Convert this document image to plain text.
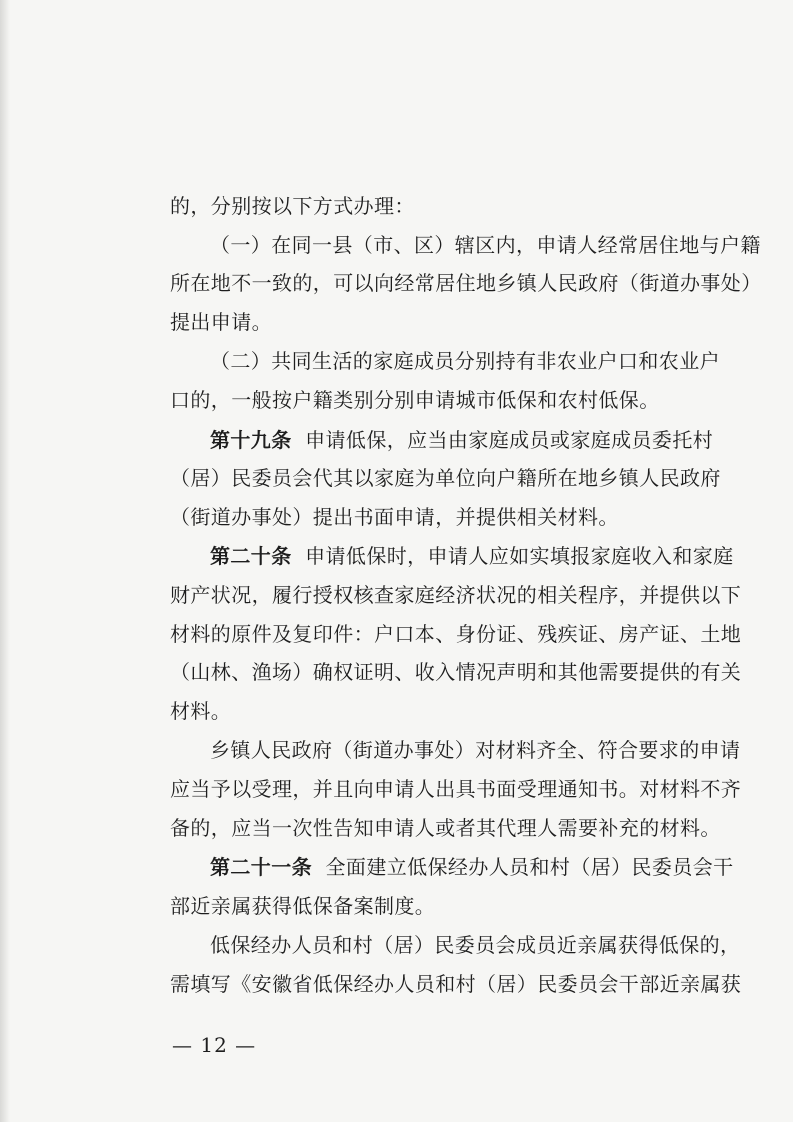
的，分别按以下方式办理：
（一）在同一县（市、区）辖区内，申请人经常居住地与户籍
所在地不一致的，可以向经常居住地乡镇人民政府（街道办事处）
提出申请。
（二）共同生活的家庭成员分别持有非农业户口和农业户
口的，一般按户籍类别分别申请城市低保和农村低保。
第十九条 申请低保，应当由家庭成员或家庭成员委托村
（居）民委员会代其以家庭为单位向户籍所在地乡镇人民政府
（街道办事处）提出书面申请，并提供相关材料。
第二十条 申请低保时，申请人应如实填报家庭收入和家庭
财产状况，履行授权核查家庭经济状况的相关程序，并提供以下
材料的原件及复印件：户口本、身份证、残疾证、房产证、土地
（山林、渔场）确权证明、收入情况声明和其他需要提供的有关
材料。
乡镇人民政府（街道办事处）对材料齐全、符合要求的申请
应当予以受理，并且向申请人出具书面受理通知书。对材料不齐
备的，应当一次性告知申请人或者其代理人需要补充的材料。
第二十一条 全面建立低保经办人员和村（居）民委员会干
部近亲属获得低保备案制度。
低保经办人员和村（居）民委员会成员近亲属获得低保的，
需填写《安徽省低保经办人员和村（居）民委员会干部近亲属获
— 12 —
